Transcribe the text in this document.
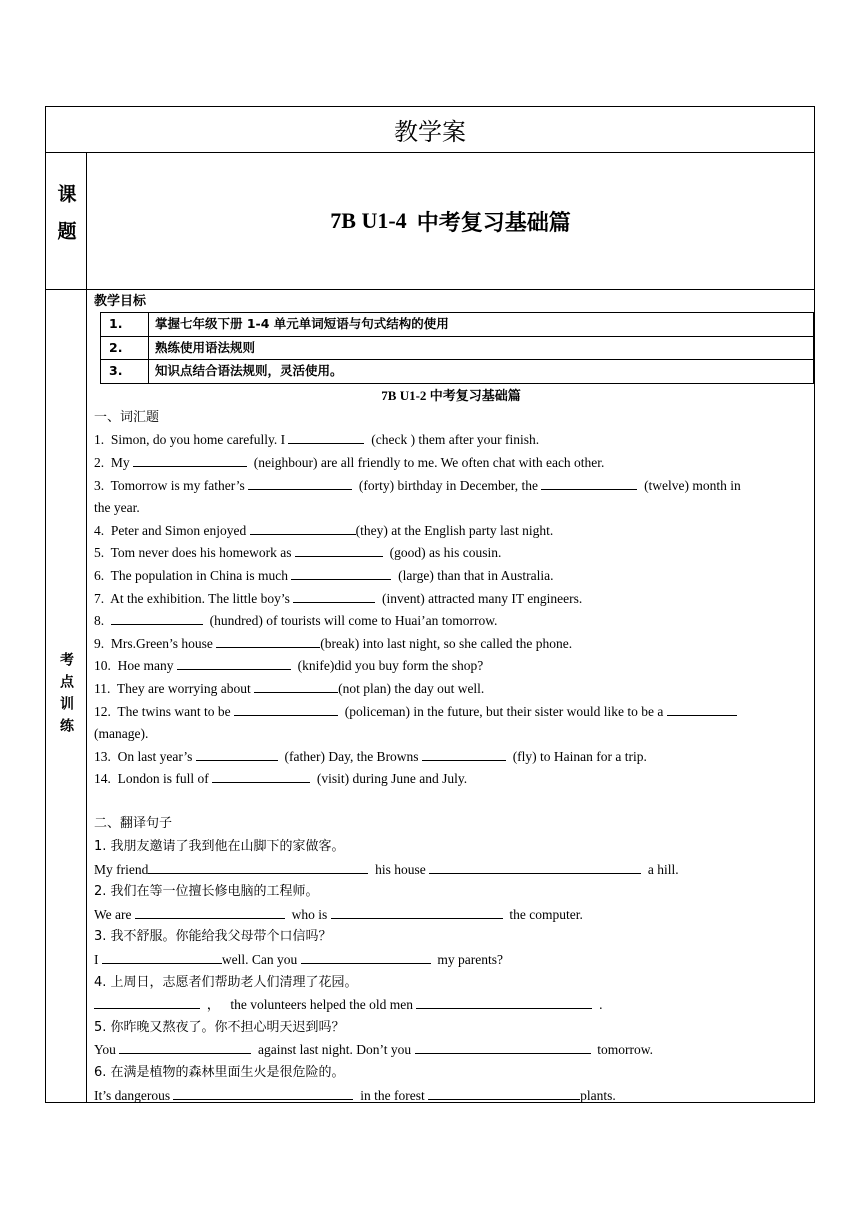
教学案
课题	7B U1-4 中考复习基础篇
考点训练
教学目标
1.	掌握七年级下册 1-4 单元单词短语与句式结构的使用
2.	熟练使用语法规则
3.	知识点结合语法规则，灵活使用。
7B U1-2 中考复习基础篇
一、词汇题
1.  Simon, do you home carefully. I	(check ) them after your finish.
2.  My	(neighbour) are all friendly to me. We often chat with each other.
3.  Tomorrow is my father’s	(forty) birthday in December, the	(twelve) month in
the year.
4.  Peter and Simon enjoyed	(they) at the English party last night.
5.  Tom never does his homework as	(good) as his cousin.
6.  The population in China is much	(large) than that in Australia.
7.  At the exhibition. The little boy’s	(invent) attracted many IT engineers.
8.	(hundred) of tourists will come to Huai’an tomorrow.
9.  Mrs.Green’s house	(break) into last night, so she called the phone.
10.  Hoe many	(knife)did you buy form the shop?
11.  They are worrying about	(not plan) the day out well.
12.  The twins want to be	(policeman) in the future, but their sister would like to be a
(manage).
13.  On last year’s	(father) Day, the Browns	(fly) to Hainan for a trip.
14.  London is full of	(visit) during June and July.
二、翻译句子
1. 我朋友邀请了我到他在山脚下的家做客。
My friend	his house	a hill.
2. 我们在等一位擅长修电脑的工程师。
We are	who is	the computer.
3. 我不舒服。你能给我父母带个口信吗？
I	well. Can you	my parents?
4. 上周日，志愿者们帮助老人们清理了花园。
，   the volunteers helped the old men	.
5. 你昨晚又熬夜了。你不担心明天迟到吗？
You	against last night. Don’t you	tomorrow.
6. 在满是植物的森林里面生火是很危险的。
It’s dangerous	in the forest	plants.
